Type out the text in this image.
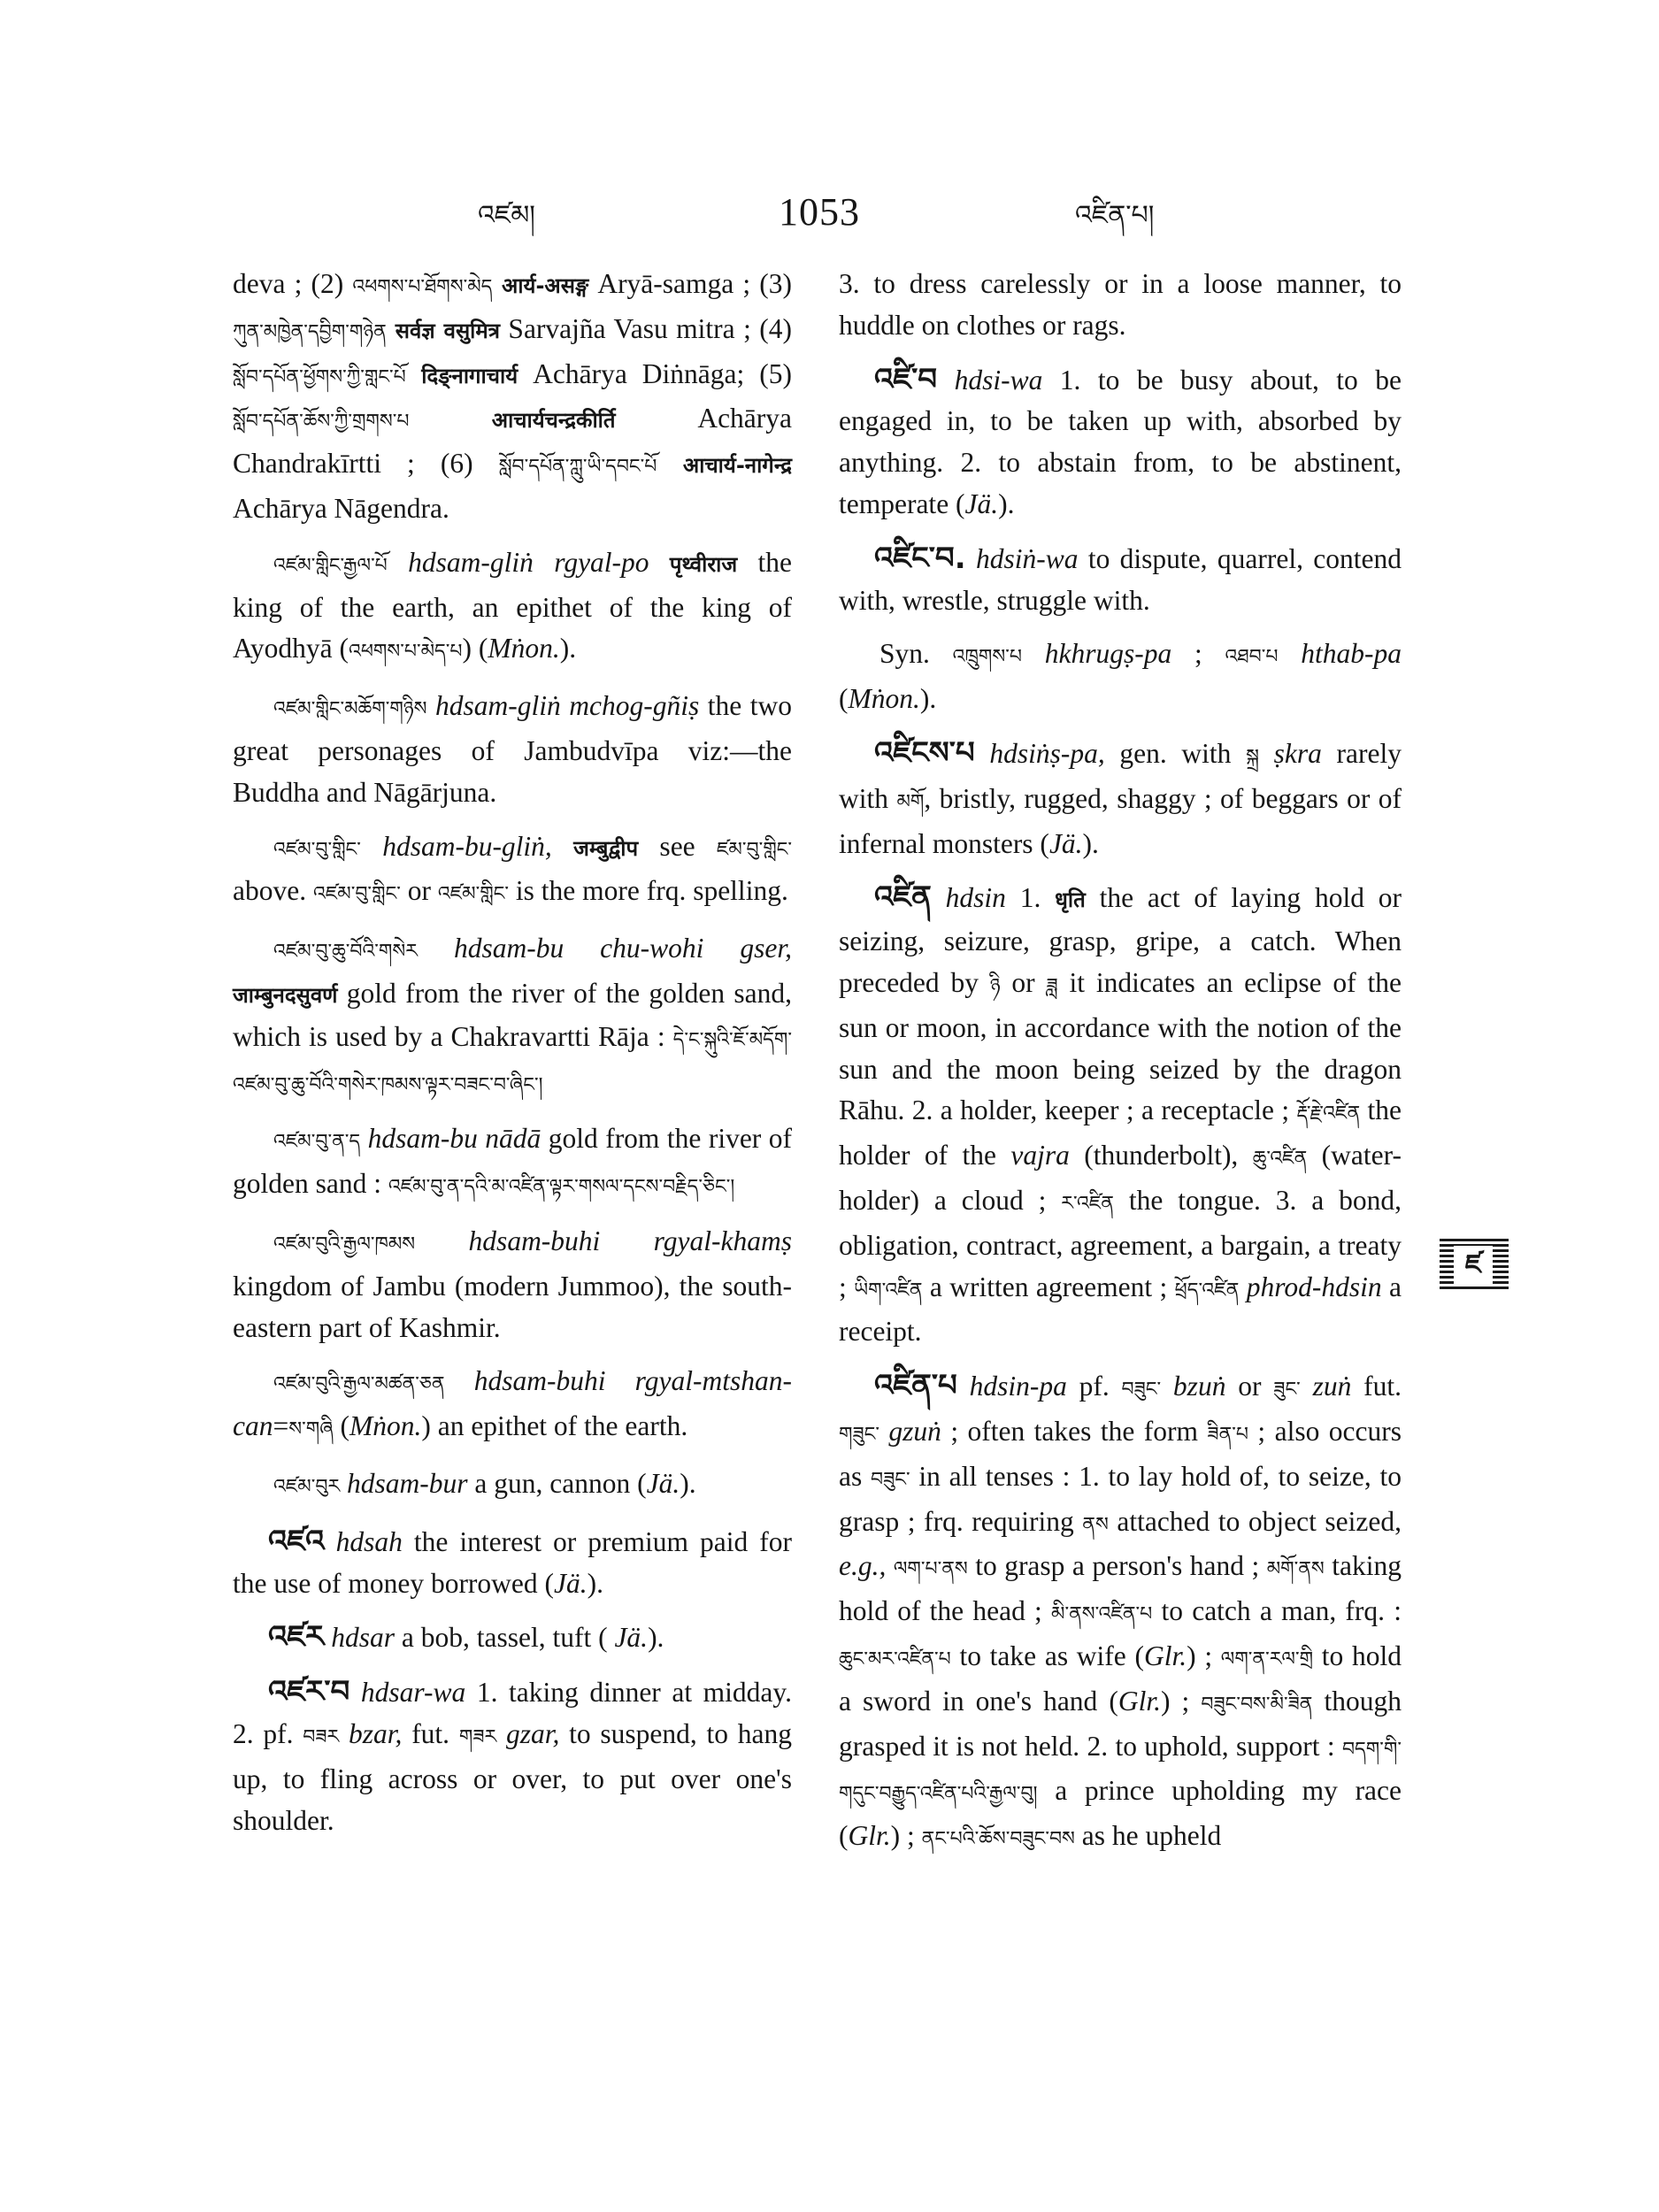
འཛམ།	1053	འཛིན་པ།

deva ; (2) འཕགས་པ་ཐོགས་མེད आर्य-असङ्ग Aryā-samga ; (3) ཀུན་མཁྱེན་དབྱིག་གཉེན सर्वज्ञ वसुमित्र Sarvajña Vasu mitra ; (4) སློབ་དཔོན་ཕྱོགས་ཀྱི་གླང་པོ दिङ्नागाचार्य Achārya Diṅnāga; (5) སློབ་དཔོན་ཆོས་ཀྱི་གྲགས་པ आचार्यचन्द्रकीर्ति Achārya Chandrakīrtti ; (6) སློབ་དཔོན་ཀླུ་ཡི་དབང་པོ आचार्य-नागेन्द्र Achārya Nāgendra.

འཛམ་གླིང་རྒྱལ་པོ hdsam-gliṅ rgyal-po पृथ्वीराज the king of the earth, an epithet of the king of Ayodhyā (འཕགས་པ་མེད་པ) (Mṅon.).

འཛམ་གླིང་མཆོག་གཉིས hdsam-gliṅ mchog-gñiṣ the two great personages of Jambudvīpa viz:—the Buddha and Nāgārjuna.

འཛམ་བུ་གླིང་ hdsam-bu-gliṅ, जम्बुद्वीप see ཛམ་བུ་གླིང་ above. འཛམ་བུ་གླིང་ or འཛམ་གླིང་ is the more frq. spelling.

འཛམ་བུ་ཆུ་བོའི་གསེར hdsam-bu chu-wohi gser, जाम्बुनदसुवर्ण gold from the river of the golden sand, which is used by a Chakravartti Rāja : དེ་ང་སྐུའི་ཇོ་མདོག་འཛམ་བུ་ཆུ་བོའི་གསེར་ཁམས་ལྟར་བཟང་བ་ཞིང་།

འཛམ་བུ་ན་ད hdsam-bu nādā gold from the river of golden sand : འཛམ་བུ་ན་དའི་མ་འཛིན་ལྟར་གསལ་དངས་བརྗིད་ཅིང་།

འཛམ་བུའི་རྒྱལ་ཁམས hdsam-buhi rgyal-khamṣ kingdom of Jambu (modern Jummoo), the south-eastern part of Kashmir.

འཛམ་བུའི་རྒྱལ་མཚན་ཅན hdsam-buhi rgyal-mtshan-can=ས་གཞི (Mṅon.) an epithet of the earth.

འཛམ་བུར hdsam-bur a gun, cannon (Jä.).

འཛའ hdsah the interest or premium paid for the use of money borrowed (Jä.).

འཛར hdsar a bob, tassel, tuft ( Jä.).

འཛར་བ hdsar-wa 1. taking dinner at midday. 2. pf. བཟར bzar, fut. གཟར gzar, to suspend, to hang up, to fling across or over, to put over one's shoulder.

3. to dress carelessly or in a loose manner, to huddle on clothes or rags.

འཛི་བ hdsi-wa 1. to be busy about, to be engaged in, to be taken up with, absorbed by anything. 2. to abstain from, to be abstinent, temperate (Jä.).

འཛིང་བ. hdsiṅ-wa to dispute, quarrel, contend with, wrestle, struggle with.

Syn. འཁྲུགས་པ hkhrugṣ-pa ; འཐབ་པ hthab-pa (Mṅon.).

འཛིངས་པ hdsiṅṣ-pa, gen. with སྐྲ ṣkra rarely with མགོ, bristly, rugged, shaggy ; of beggars or of infernal monsters (Jä.).

འཛིན hdsin 1. धृति the act of laying hold or seizing, seizure, grasp, gripe, a catch. When preceded by ཉི or ཟླ it indicates an eclipse of the sun or moon, in accordance with the notion of the sun and the moon being seized by the dragon Rāhu. 2. a holder, keeper ; a receptacle ; རྡོ་རྗེ་འཛིན the holder of the vajra (thunderbolt), ཆུ་འཛིན (water-holder) a cloud ; ར་འཛིན the tongue. 3. a bond, obligation, contract, agreement, a bargain, a treaty ; ཡིག་འཛིན a written agreement ; ཕྲོད་འཛིན phrod-hdsin a receipt.

འཛིན་པ hdsin-pa pf. བཟུང་ bzuṅ or ཟུང་ zuṅ fut. གཟུང་ gzuṅ ; often takes the form ཟིན་པ ; also occurs as བཟུང་ in all tenses : 1. to lay hold of, to seize, to grasp ; frq. requiring ནས attached to object seized, e.g., ལག་པ་ནས to grasp a person's hand ; མགོ་ནས taking hold of the head ; མི་ནས་འཛིན་པ to catch a man, frq. : ཆུང་མར་འཛིན་པ to take as wife (Glr.) ; ལག་ན་རལ་གྲི to hold a sword in one's hand (Glr.) ; བཟུང་བས་མི་ཟིན though grasped it is not held. 2. to uphold, support : བདག་གི་གདུང་བརྒྱུད་འཛིན་པའི་རྒྱལ་བུ། a prince upholding my race (Glr.) ; ནང་པའི་ཆོས་བཟུང་བས as he upheld

ཛ
